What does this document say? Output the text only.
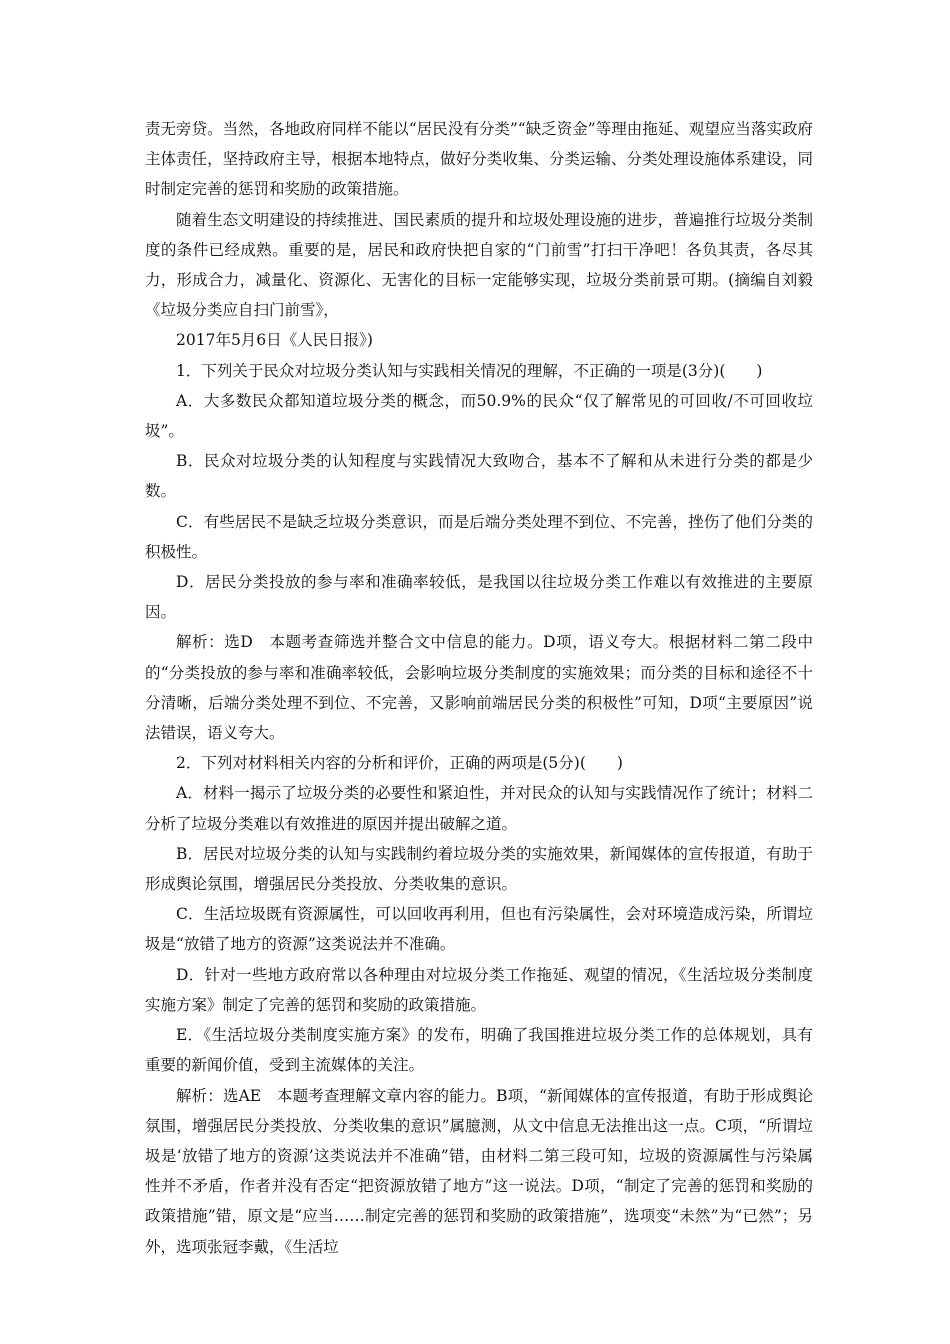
责无旁贷。当然，各地政府同样不能以“居民没有分类”“缺乏资金”等理由拖延、观望应当落实政府主体责任，坚持政府主导，根据本地特点，做好分类收集、分类运输、分类处理设施体系建设，同时制定完善的惩罚和奖励的政策措施。

随着生态文明建设的持续推进、国民素质的提升和垃圾处理设施的进步，普遍推行垃圾分类制度的条件已经成熟。重要的是，居民和政府快把自家的“门前雪”打扫干净吧！各负其责，各尽其力，形成合力，减量化、资源化、无害化的目标一定能够实现，垃圾分类前景可期。(摘编自刘毅《垃圾分类应自扫门前雪》，

2017年5月6日《人民日报》)

1．下列关于民众对垃圾分类认知与实践相关情况的理解，不正确的一项是(3分)(　　)

A．大多数民众都知道垃圾分类的概念，而50.9%的民众“仅了解常见的可回收/不可回收垃圾”。

B．民众对垃圾分类的认知程度与实践情况大致吻合，基本不了解和从未进行分类的都是少数。

C．有些居民不是缺乏垃圾分类意识，而是后端分类处理不到位、不完善，挫伤了他们分类的积极性。

D．居民分类投放的参与率和准确率较低，是我国以往垃圾分类工作难以有效推进的主要原因。

解析：选D　本题考查筛选并整合文中信息的能力。D项，语义夸大。根据材料二第二段中的“分类投放的参与率和准确率较低，会影响垃圾分类制度的实施效果；而分类的目标和途径不十分清晰，后端分类处理不到位、不完善，又影响前端居民分类的积极性”可知，D项“主要原因”说法错误，语义夸大。

2．下列对材料相关内容的分析和评价，正确的两项是(5分)(　　)

A．材料一揭示了垃圾分类的必要性和紧迫性，并对民众的认知与实践情况作了统计；材料二分析了垃圾分类难以有效推进的原因并提出破解之道。

B．居民对垃圾分类的认知与实践制约着垃圾分类的实施效果，新闻媒体的宣传报道，有助于形成舆论氛围，增强居民分类投放、分类收集的意识。

C．生活垃圾既有资源属性，可以回收再利用，但也有污染属性，会对环境造成污染，所谓垃圾是“放错了地方的资源”这类说法并不准确。

D．针对一些地方政府常以各种理由对垃圾分类工作拖延、观望的情况，《生活垃圾分类制度实施方案》制定了完善的惩罚和奖励的政策措施。

E．《生活垃圾分类制度实施方案》的发布，明确了我国推进垃圾分类工作的总体规划，具有重要的新闻价值，受到主流媒体的关注。

解析：选AE　本题考查理解文章内容的能力。B项，“新闻媒体的宣传报道，有助于形成舆论氛围，增强居民分类投放、分类收集的意识”属臆测，从文中信息无法推出这一点。C项，“所谓垃圾是‘放错了地方的资源’这类说法并不准确”错，由材料二第三段可知，垃圾的资源属性与污染属性并不矛盾，作者并没有否定“把资源放错了地方”这一说法。D项，“制定了完善的惩罚和奖励的政策措施”错，原文是“应当……制定完善的惩罚和奖励的政策措施”，选项变“未然”为“已然”；另外，选项张冠李戴，《生活垃
